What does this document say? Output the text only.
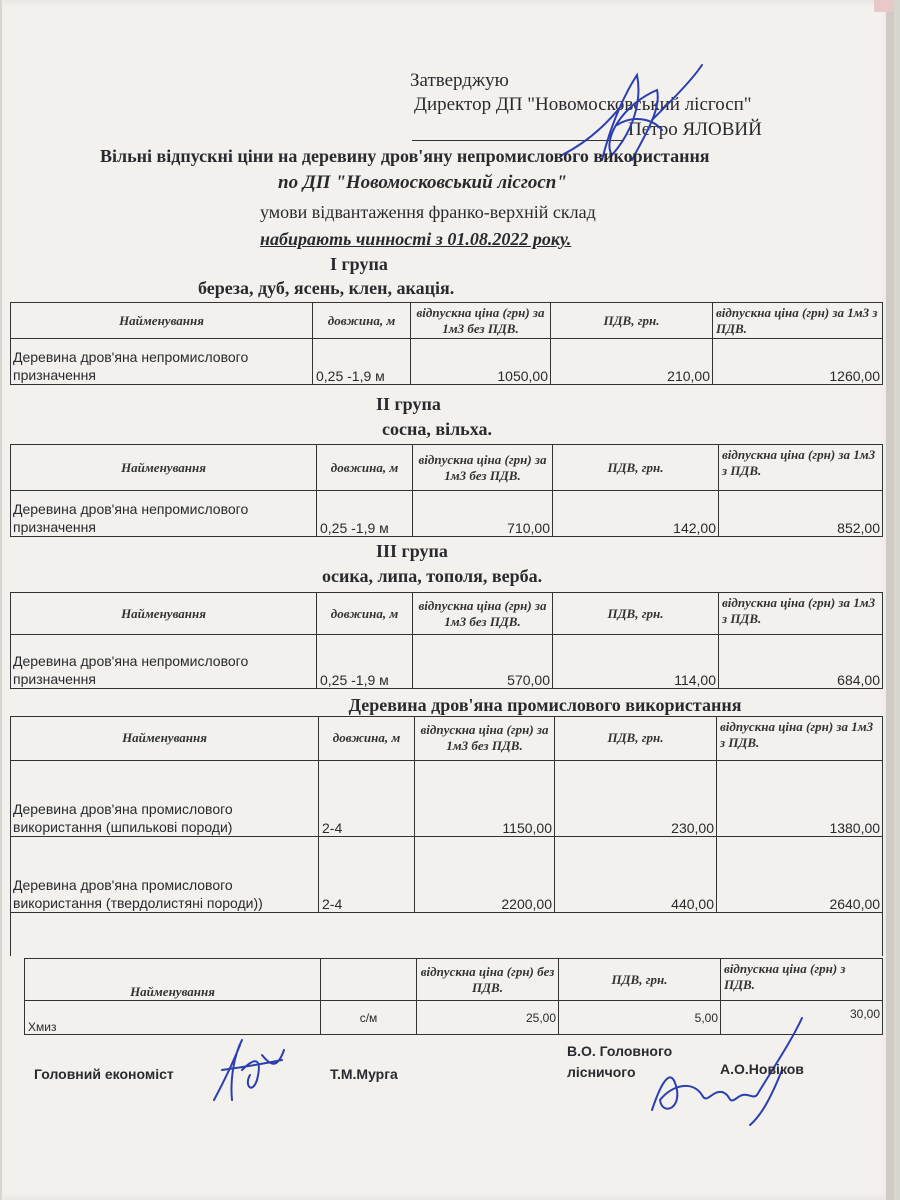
Затверджую
Директор ДП "Новомосковський лісгосп"
Петро ЯЛОВИЙ
Вільні відпускні ціни на деревину дров'яну непромислового використання
по ДП "Новомосковський лісгосп"
умови відвантаження франко-верхній склад
набирають чинності з 01.08.2022 року.
І група
береза, дуб, ясень, клен, акація.
Найменування	довжина, м	відпускна ціна (грн) за 1м3 без ПДВ.	ПДВ, грн.	відпускна ціна (грн) за 1м3 з ПДВ.
Деревина дров'яна непромислового призначення	0,25 -1,9 м	1050,00	210,00	1260,00
ІІ група
сосна, вільха.
Найменування	довжина, м	відпускна ціна (грн) за 1м3 без ПДВ.	ПДВ, грн.	відпускна ціна (грн) за 1м3 з ПДВ.
Деревина дров'яна непромислового призначення	0,25 -1,9 м	710,00	142,00	852,00
ІІІ група
осика, липа, тополя, верба.
Найменування	довжина, м	відпускна ціна (грн) за 1м3 без ПДВ.	ПДВ, грн.	відпускна ціна (грн) за 1м3 з ПДВ.
Деревина дров'яна непромислового призначення	0,25 -1,9 м	570,00	114,00	684,00
Деревина дров'яна промислового використання				
Найменування	довжина, м	відпускна ціна (грн) за 1м3 без ПДВ.	ПДВ, грн.	відпускна ціна (грн) за 1м3 з ПДВ.
Деревина дров'яна промислового використання (шпилькові породи)	2-4	1150,00	230,00	1380,00
Деревина дров'яна промислового використання (твердолистяні породи))	2-4	2200,00	440,00	2640,00

Найменування		відпускна ціна (грн) без ПДВ.	ПДВ, грн.	відпускна ціна (грн) з ПДВ.
Хмиз	с/м	25,00	5,00	30,00
Головний економіст	Т.М.Мурга
В.О. Головного
лісничого	А.О.Новіков
